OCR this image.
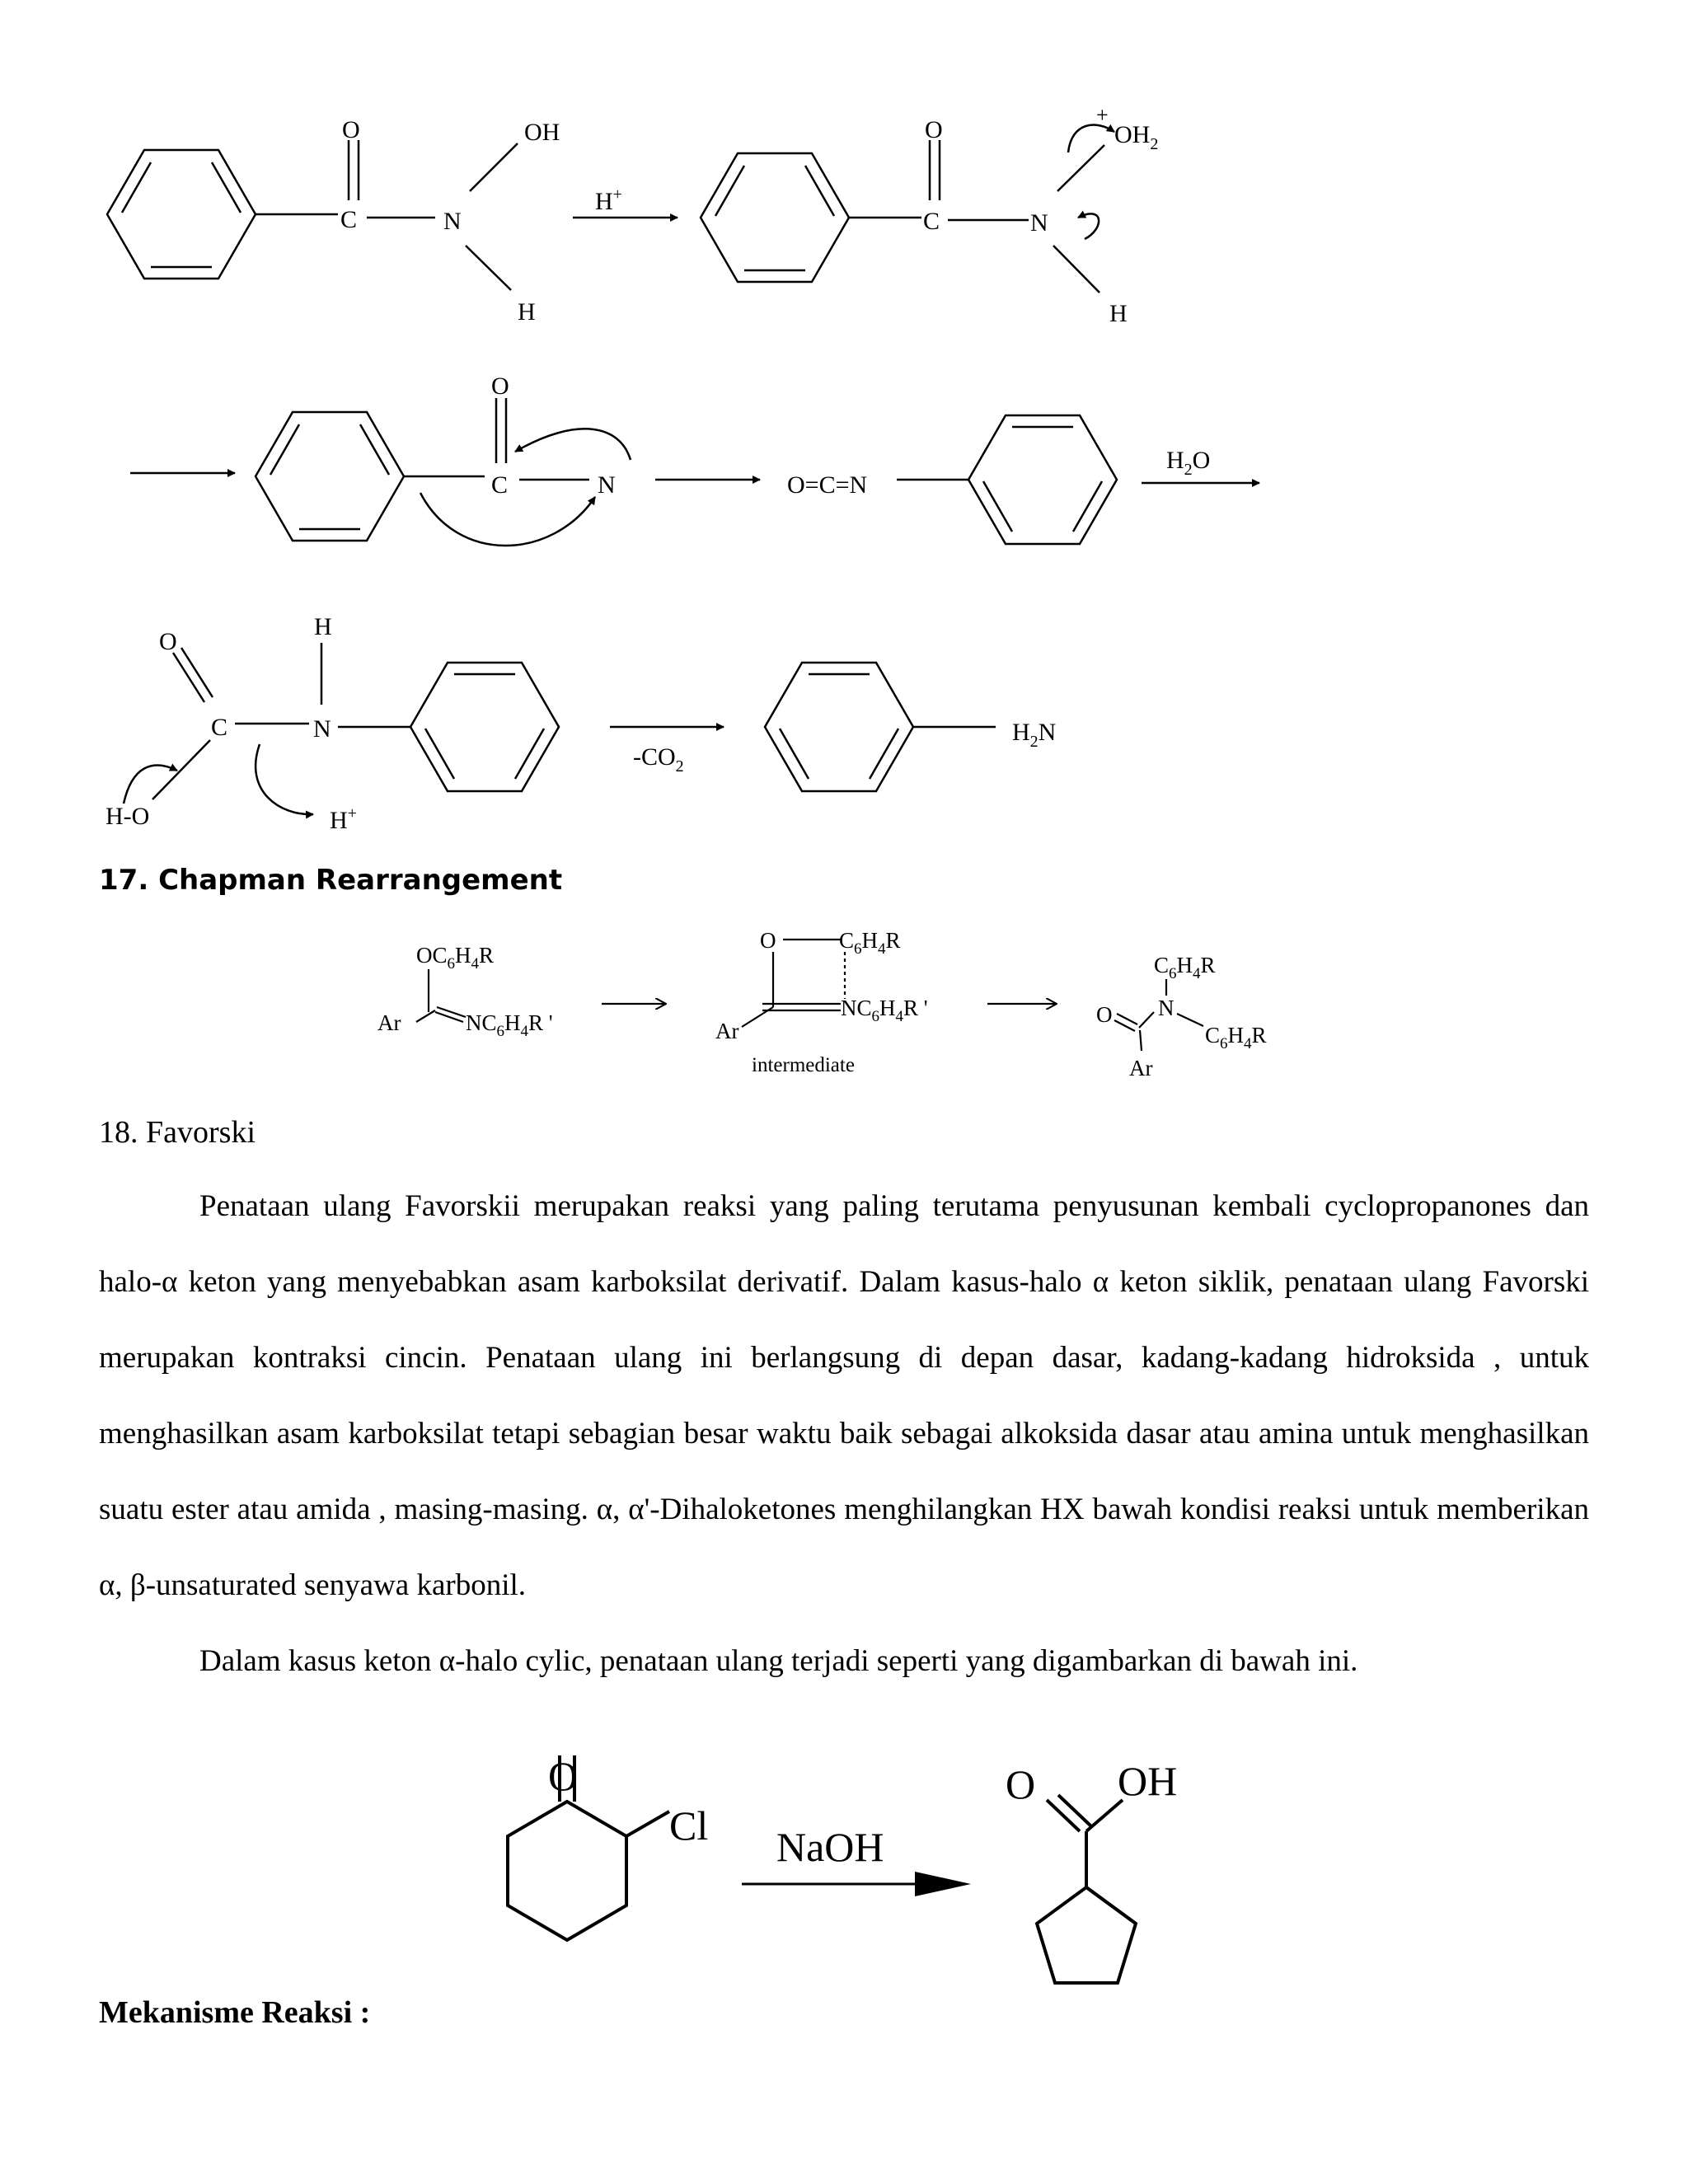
O
C	N
OH
H
H+
O
C	N
+
$OH_2$
H
O
C	N	O=C=N
$H_2O$
O
H
C	N
H-O	H+
$-CO_2$
$H_2N$
$OC_6H_4R$
Ar	$NC_6H_4R$ '
O	$C_6H_4R$
$NC_6H_4R$ '
Ar
intermediate
$C_6H_4R$
N
O
$C_6H_4R$
Ar
O
Cl NaOH
O OH
17. Chapman Rearrangement
18. Favorski

Penataan ulang Favorskii merupakan reaksi yang paling terutama penyusunan kembali cyclopropanones dan halo-α keton yang menyebabkan asam karboksilat derivatif. Dalam kasus-halo α keton siklik, penataan ulang Favorski merupakan kontraksi cincin. Penataan ulang ini berlangsung di depan dasar, kadang-kadang hidroksida , untuk menghasilkan asam karboksilat tetapi sebagian besar waktu baik sebagai alkoksida dasar atau amina untuk menghasilkan suatu ester atau amida , masing-masing. α, α'-Dihaloketones menghilangkan HX bawah kondisi reaksi untuk memberikan α, β-unsaturated senyawa karbonil.

Dalam kasus keton α-halo cylic, penataan ulang terjadi seperti yang digambarkan di bawah ini.

Mekanisme Reaksi :
